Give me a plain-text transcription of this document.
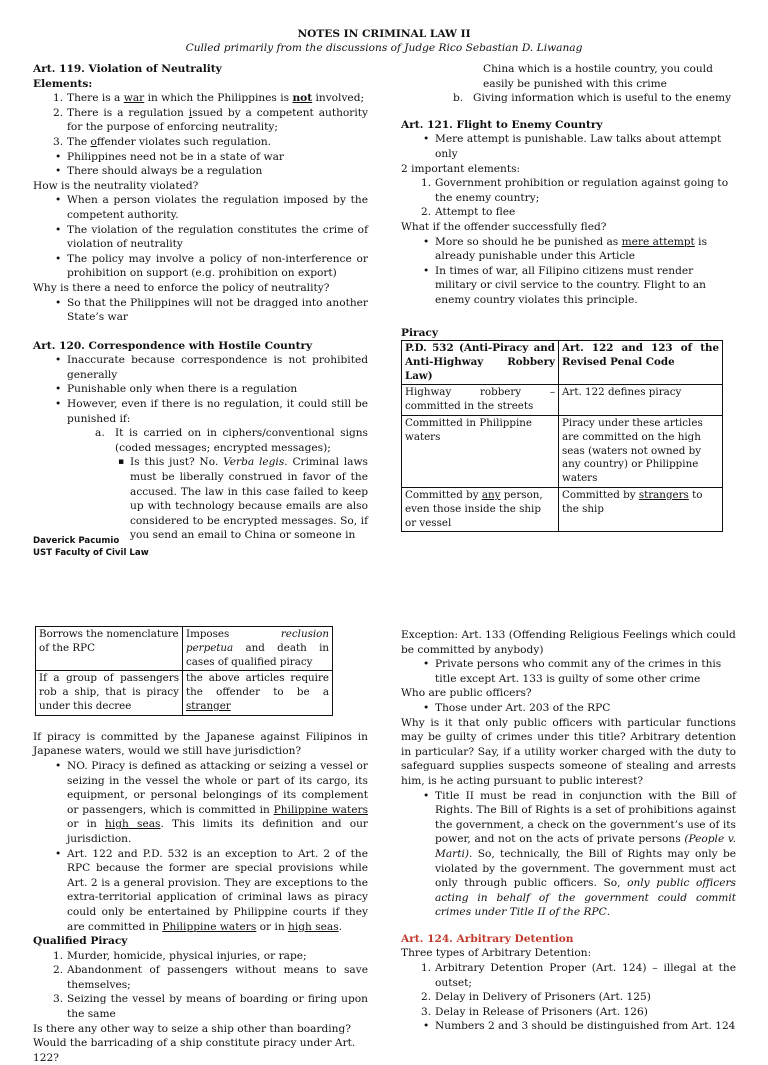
NOTES IN CRIMINAL LAW II
Culled primarily from the discussions of Judge Rico Sebastian D. Liwanag

Art. 119. Violation of Neutrality

Elements:

1. There is a war in which the Philippines is not involved;
2. There is a regulation issued by a competent authority for the purpose of enforcing neutrality;
3. The offender violates such regulation.
• Philippines need not be in a state of war
• There should always be a regulation

How is the neutrality violated?

• When a person violates the regulation imposed by the competent authority.
• The violation of the regulation constitutes the crime of violation of neutrality
• The policy may involve a policy of non-interference or prohibition on support (e.g. prohibition on export)

Why is there a need to enforce the policy of neutrality?

• So that the Philippines will not be dragged into another State’s war

Art. 120. Correspondence with Hostile Country

• Inaccurate because correspondence is not prohibited generally
• Punishable only when there is a regulation
• However, even if there is no regulation, it could still be punished if:
a. It is carried on in ciphers/conventional signs (coded messages; encrypted messages);
▪ Is this just? No. Verba legis. Criminal laws must be liberally construed in favor of the accused. The law in this case failed to keep up with technology because emails are also considered to be encrypted messages. So, if you send an email to China or someone in
Daverick Pacumio
UST Faculty of Civil Law

China which is a hostile country, you could easily be punished with this crime

b. Giving information which is useful to the enemy

Art. 121. Flight to Enemy Country

• Mere attempt is punishable. Law talks about attempt only

2 important elements:

1. Government prohibition or regulation against going to the enemy country;
2. Attempt to flee

What if the offender successfully fled?

• More so should he be punished as mere attempt is already punishable under this Article
• In times of war, all Filipino citizens must render military or civil service to the country. Flight to an enemy country violates this principle.

Piracy

P.D. 532 (Anti-Piracy and Anti-Highway Robbery Law)	Art. 122 and 123 of the Revised Penal Code
Highway robbery – committed in the streets	Art. 122 defines piracy
Committed in Philippine waters	Piracy under these articles are committed on the high seas (waters not owned by any country) or Philippine waters
Committed by any person, even those inside the ship or vessel	Committed by strangers to the ship
Borrows the nomenclature of the RPC	Imposes reclusion perpetua and death in cases of qualified piracy
If a group of passengers rob a ship, that is piracy under this decree	the above articles require the offender to be a stranger

If piracy is committed by the Japanese against Filipinos in Japanese waters, would we still have jurisdiction?

• NO. Piracy is defined as attacking or seizing a vessel or seizing in the vessel the whole or part of its cargo, its equipment, or personal belongings of its complement or passengers, which is committed in Philippine waters or in high seas. This limits its definition and our jurisdiction.
• Art. 122 and P.D. 532 is an exception to Art. 2 of the RPC because the former are special provisions while Art. 2 is a general provision. They are exceptions to the extra-territorial application of criminal laws as piracy could only be entertained by Philippine courts if they are committed in Philippine waters or in high seas.

Qualified Piracy

1. Murder, homicide, physical injuries, or rape;
2. Abandonment of passengers without means to save themselves;
3. Seizing the vessel by means of boarding or firing upon the same

Is there any other way to seize a ship other than boarding?

Would the barricading of a ship constitute piracy under Art. 122?

Exception: Art. 133 (Offending Religious Feelings which could be committed by anybody)

• Private persons who commit any of the crimes in this title except Art. 133 is guilty of some other crime

Who are public officers?

• Those under Art. 203 of the RPC

Why is it that only public officers with particular functions may be guilty of crimes under this title? Arbitrary detention in particular? Say, if a utility worker charged with the duty to safeguard supplies suspects someone of stealing and arrests him, is he acting pursuant to public interest?

• Title II must be read in conjunction with the Bill of Rights. The Bill of Rights is a set of prohibitions against the government, a check on the government’s use of its power, and not on the acts of private persons (People v. Marti). So, technically, the Bill of Rights may only be violated by the government. The government must act only through public officers. So, only public officers acting in behalf of the government could commit crimes under Title II of the RPC.

Art. 124. Arbitrary Detention

Three types of Arbitrary Detention:

1. Arbitrary Detention Proper (Art. 124) – illegal at the outset;
2. Delay in Delivery of Prisoners (Art. 125)
3. Delay in Release of Prisoners (Art. 126)
• Numbers 2 and 3 should be distinguished from Art. 124
